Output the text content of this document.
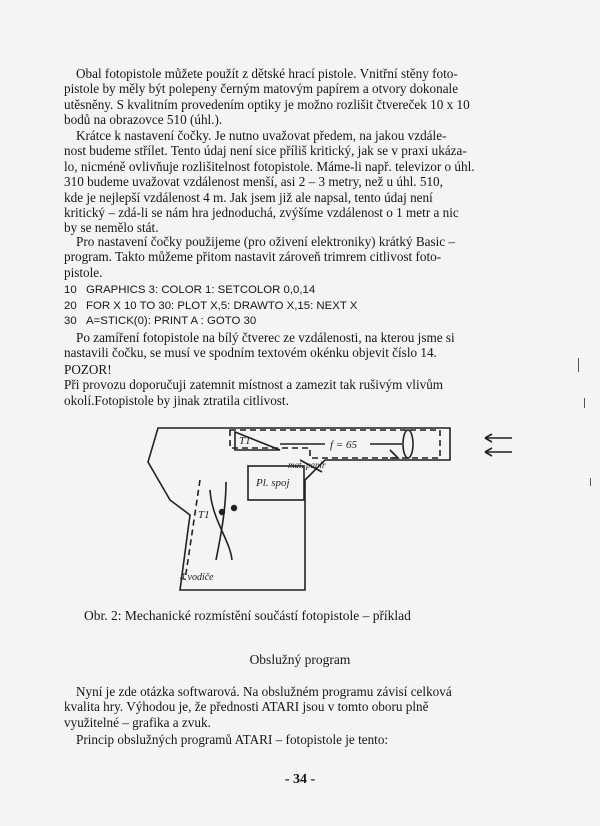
Obal fotopistole můžete použít z dětské hrací pistole. Vnitřní stěny foto-
pistole by měly být polepeny černým matovým papírem a otvory dokonale
utěsněny. S kvalitním provedením optiky je možno rozlišit čtvereček 10 x 10
bodů na obrazovce 510 (úhl.).

Krátce k nastavení čočky. Je nutno uvažovat předem, na jakou vzdále-
nost budeme střílet. Tento údaj není sice příliš kritický, jak se v praxi ukáza-
lo, nicméně ovlivňuje rozlišitelnost fotopistole. Máme-li např. televizor o úhl.
310 budeme uvažovat vzdálenost menší, asi 2 – 3 metry, než u úhl. 510,
kde je nejlepší vzdálenost 4 m. Jak jsem již ale napsal, tento údaj není
kritický – zdá-li se nám hra jednoduchá, zvýšíme vzdálenost o 1 metr a nic
by se nemělo stát.

Pro nastavení čočky použijeme (pro oživení elektroniky) krátký Basic –
program. Takto můžeme přitom nastavit zároveň trimrem citlivost foto-
pistole.

10 GRAPHICS 3: COLOR 1: SETCOLOR 0,0,14
20 FOR X 10 TO 30: PLOT X,5: DRAWTO X,15: NEXT X
30 A=STICK(0): PRINT A : GOTO 30

Po zamíření fotopistole na bílý čtverec ze vzdálenosti, na kterou jsme si
nastavili čočku, se musí ve spodním textovém okénku objevit číslo 14.

POZOR!
Při provozu doporučuji zatemnit místnost a zamezit tak rušivým vlivům
okolí.Fotopistole by jinak ztratila citlivost.

T1	f = 65
mat. papír
Pl. spoj
T1
4 vodiče

Obr. 2: Mechanické rozmístění součástí fotopistole – příklad

Obslužný program

Nyní je zde otázka softwarová. Na obslužném programu závisí celková
kvalita hry. Výhodou je, že přednosti ATARI jsou v tomto oboru plně
využitelné – grafika a zvuk.

Princip obslužných programů ATARI – fotopistole je tento:

- 34 -
